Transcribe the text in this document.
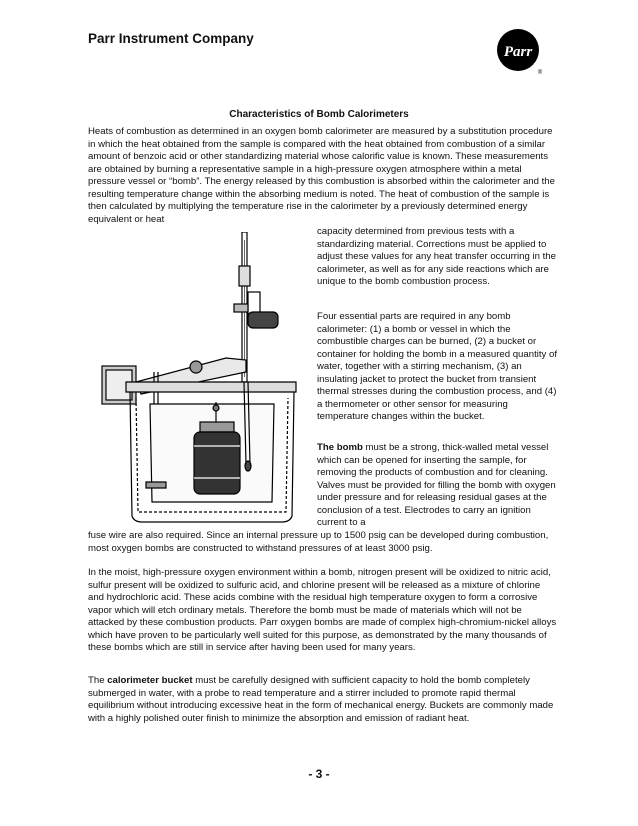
Parr Instrument Company
Parr
®
Characteristics of Bomb Calorimeters

Heats of combustion as determined in an oxygen bomb calorimeter are measured by a substitution procedure in which the heat obtained from the sample is compared with the heat obtained from combustion of a similar amount of benzoic acid or other standardizing material whose calorific value is known. These measurements are obtained by burning a representative sample in a high-pressure oxygen atmosphere within a metal pressure vessel or “bomb”. The energy released by this combustion is absorbed within the calorimeter and the resulting temperature change within the absorbing medium is noted. The heat of combustion of the sample is then calculated by multiplying the temperature rise in the calorimeter by a previously determined energy equivalent or heat

capacity determined from previous tests with a standardizing material. Corrections must be applied to adjust these values for any heat transfer occurring in the calorimeter, as well as for any side reactions which are unique to the bomb combustion process.

Four essential parts are required in any bomb calorimeter: (1) a bomb or vessel in which the combustible charges can be burned, (2) a bucket or container for holding the bomb in a measured quantity of water, together with a stirring mechanism, (3) an insulating jacket to protect the bucket from transient thermal stresses during the combustion process, and (4) a thermometer or other sensor for measuring temperature changes within the bucket.

The bomb must be a strong, thick-walled metal vessel which can be opened for inserting the sample, for removing the products of combustion and for cleaning. Valves must be provided for filling the bomb with oxygen under pressure and for releasing residual gases at the conclusion of a test. Electrodes to carry an ignition current to a

fuse wire are also required. Since an internal pressure up to 1500 psig can be developed during combustion, most oxygen bombs are constructed to withstand pressures of at least 3000 psig.

In the moist, high-pressure oxygen environment within a bomb, nitrogen present will be oxidized to nitric acid, sulfur present will be oxidized to sulfuric acid, and chlorine present will be released as a mixture of chlorine and hydrochloric acid. These acids combine with the residual high temperature oxygen to form a corrosive vapor which will etch ordinary metals. Therefore the bomb must be made of materials which will not be attacked by these combustion products. Parr oxygen bombs are made of complex high-chromium-nickel alloys which have proven to be particularly well suited for this purpose, as demonstrated by the many thousands of these bombs which are still in service after having been used for many years.

The calorimeter bucket must be carefully designed with sufficient capacity to hold the bomb completely submerged in water, with a probe to read temperature and a stirrer included to promote rapid thermal equilibrium without introducing excessive heat in the form of mechanical energy. Buckets are commonly made with a highly polished outer finish to minimize the absorption and emission of radiant heat.

- 3 -
